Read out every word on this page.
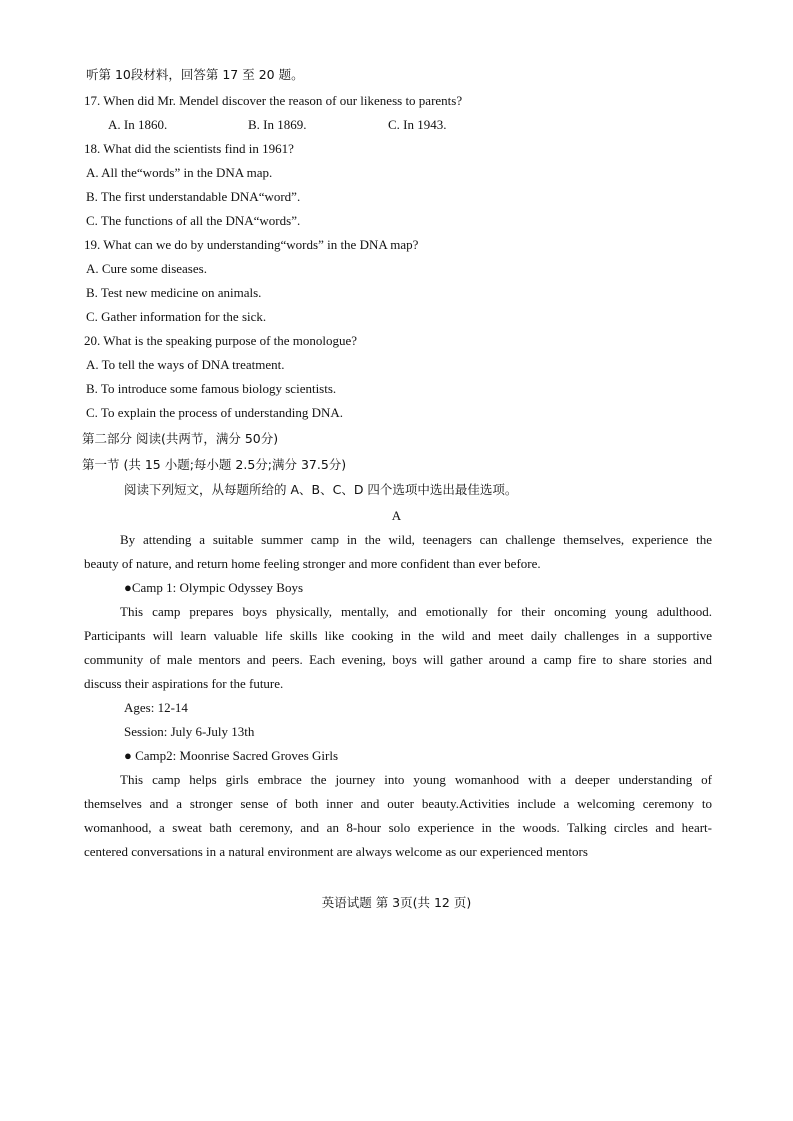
听第 10段材料，回答第 17 至 20 题。
17. When did Mr. Mendel discover the reason of our likeness to parents?
A. In 1860.	B. In 1869.	C. In 1943.
18. What did the scientists find in 1961?
A. All the“words” in the DNA map.
B. The first understandable DNA“word”.
C. The functions of all the DNA“words”.
19. What can we do by understanding“words” in the DNA map?
A. Cure some diseases.
B. Test new medicine on animals.
C. Gather information for the sick.
20. What is the speaking purpose of the monologue?
A. To tell the ways of DNA treatment.
B. To introduce some famous biology scientists.
C. To explain the process of understanding DNA.
第二部分 阅读(共两节，满分 50分)
第一节 (共 15 小题;每小题 2.5分;满分 37.5分)
阅读下列短文，从每题所给的 A、B、C、D 四个选项中选出最佳选项。
A
By attending a suitable summer camp in the wild, teenagers can challenge themselves, experience the
beauty of nature, and return home feeling stronger and more confident than ever before.
●Camp 1: Olympic Odyssey Boys
This camp prepares boys physically, mentally, and emotionally for their oncoming young adulthood.
Participants will learn valuable life skills like cooking in the wild and meet daily challenges in a supportive
community of male mentors and peers. Each evening, boys will gather around a camp fire to share stories and
discuss their aspirations for the future.
Ages: 12-14
Session: July 6-July 13th
● Camp2: Moonrise Sacred Groves Girls
This camp helps girls embrace the journey into young womanhood with a deeper understanding of
themselves and a stronger sense of both inner and outer beauty.Activities include a welcoming ceremony to
womanhood, a sweat bath ceremony, and an 8-hour solo experience in the woods. Talking circles and heart-
centered conversations in a natural environment are always welcome as our experienced mentors
英语试题 第 3页(共 12 页)
